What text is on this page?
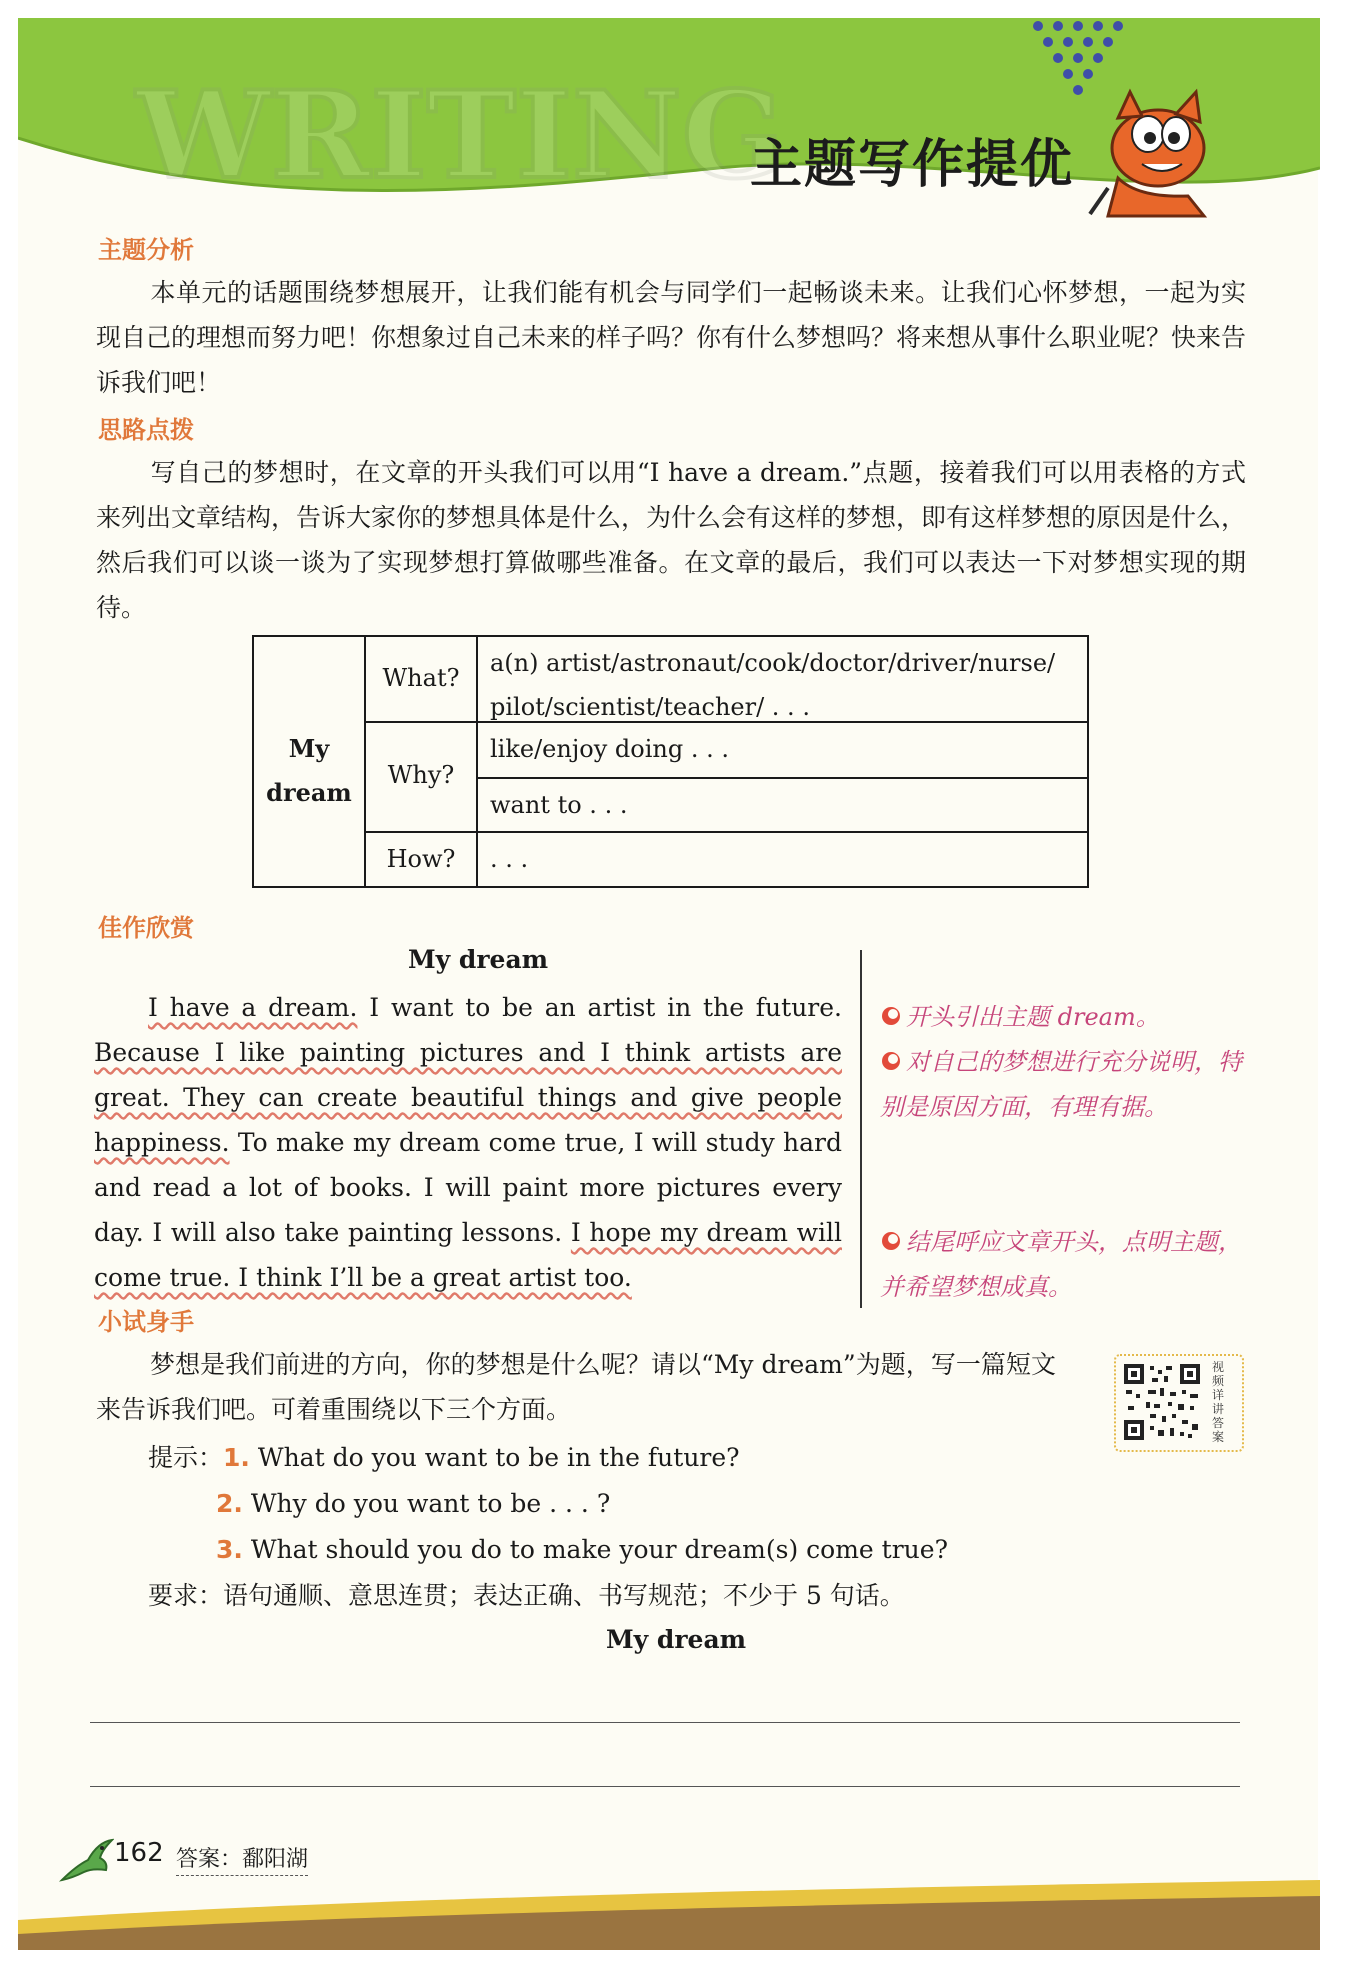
WRITING
主题写作提优
主题分析
本单元的话题围绕梦想展开，让我们能有机会与同学们一起畅谈未来。让我们心怀梦想，一起为实现自己的理想而努力吧！你想象过自己未来的样子吗？你有什么梦想吗？将来想从事什么职业呢？快来告诉我们吧！
思路点拨
写自己的梦想时，在文章的开头我们可以用“I have a dream.”点题，接着我们可以用表格的方式来列出文章结构，告诉大家你的梦想具体是什么，为什么会有这样的梦想，即有这样梦想的原因是什么，然后我们可以谈一谈为了实现梦想打算做哪些准备。在文章的最后，我们可以表达一下对梦想实现的期待。
My
dream
What?
a(n) artist/astronaut/cook/doctor/driver/nurse/
pilot/scientist/teacher/ . . .
Why?
like/enjoy doing . . .
want to . . .
How?	. . .
佳作欣赏
My dream
I have a dream. I want to be an artist in the future. Because I like painting pictures and I think artists are great. They can create beautiful things and give people happiness. To make my dream come true, I will study hard and read a lot of books. I will paint more pictures every day. I will also take painting lessons. I hope my dream will come true. I think I’ll be a great artist too.
开头引出主题 dream。
对自己的梦想进行充分说明，特别是原因方面，有理有据。
结尾呼应文章开头，点明主题，并希望梦想成真。
小试身手
梦想是我们前进的方向，你的梦想是什么呢？请以“My dream”为题，写一篇短文来告诉我们吧。可着重围绕以下三个方面。
视频详讲答案
提示：1. What do you want to be in the future?
2. Why do you want to be . . . ?
3. What should you do to make your dream(s) come true?
要求：语句通顺、意思连贯；表达正确、书写规范；不少于 5 句话。
My dream
162 答案：鄱阳湖
